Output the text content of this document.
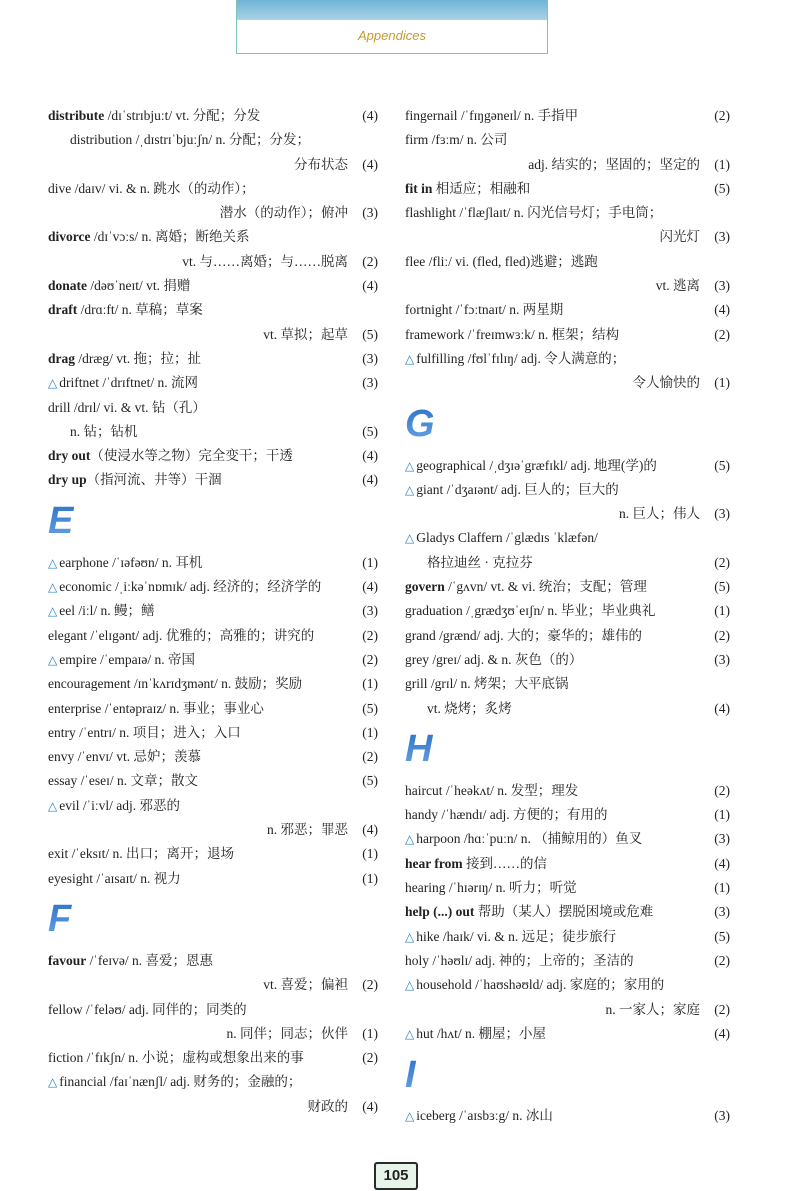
Appendices
distribute /dɪˈstrɪbjuːt/ vt. 分配；分发	(4)
distribution /ˌdɪstrɪˈbjuːʃn/ n. 分配；分发；
分布状态 (4)
dive /daɪv/ vi. & n. 跳水（的动作）；
潜水（的动作）；俯冲 (3)
divorce /dɪˈvɔːs/ n. 离婚；断绝关系
vt. 与……离婚；与……脱离 (2)
donate /dəʊˈneɪt/ vt. 捐赠	(4)
draft /drɑːft/ n. 草稿；草案
vt. 草拟；起草 (5)
drag /dræg/ vt. 拖；拉；扯	(3)
△ driftnet /ˈdrɪftnet/ n. 流网	(3)
drill /drɪl/ vi. & vt. 钻（孔）
n. 钻；钻机	(5)
dry out（使浸水等之物）完全变干；干透	(4)
dry up（指河流、井等）干涸	(4)
E
△ earphone /ˈɪəfəʊn/ n. 耳机	(1)
△ economic /ˌiːkəˈnɒmɪk/ adj. 经济的；经济学的	(4)
△ eel /iːl/ n. 鳗；鳝	(3)
elegant /ˈelɪgənt/ adj. 优雅的；高雅的；讲究的	(2)
△ empire /ˈempaɪə/ n. 帝国	(2)
encouragement /ɪnˈkʌrɪdʒmənt/ n. 鼓励；奖励	(1)
enterprise /ˈentəpraɪz/ n. 事业；事业心	(5)
entry /ˈentrɪ/ n. 项目；进入；入口	(1)
envy /ˈenvɪ/ vt. 忌妒；羡慕	(2)
essay /ˈeseɪ/ n. 文章；散文	(5)
△ evil /ˈiːvl/ adj. 邪恶的
n. 邪恶；罪恶 (4)
exit /ˈeksɪt/ n. 出口；离开；退场	(1)
eyesight /ˈaɪsaɪt/ n. 视力	(1)
F
favour /ˈfeɪvə/ n. 喜爱；恩惠
vt. 喜爱；偏袒 (2)
fellow /ˈfeləʊ/ adj. 同伴的；同类的
n. 同伴；同志；伙伴 (1)
fiction /ˈfɪkʃn/ n. 小说；虚构或想象出来的事	(2)
△ financial /faɪˈnænʃl/ adj. 财务的；金融的；
财政的 (4)
fingernail /ˈfɪŋgəneɪl/ n. 手指甲	(2)
firm /fɜːm/ n. 公司
adj. 结实的；坚固的；坚定的 (1)
fit in 相适应；相融和	(5)
flashlight /ˈflæʃlaɪt/ n. 闪光信号灯；手电筒；
闪光灯 (3)
flee /fliː/ vi. (fled, fled)逃避；逃跑
vt. 逃离 (3)
fortnight /ˈfɔːtnaɪt/ n. 两星期	(4)
framework /ˈfreɪmwɜːk/ n. 框架；结构	(2)
△ fulfilling /fʊlˈfɪlɪŋ/ adj. 令人满意的；
令人愉快的 (1)
G
△ geographical /ˌdʒɪəˈgræfɪkl/ adj. 地理(学)的	(5)
△ giant /ˈdʒaɪənt/ adj. 巨人的；巨大的
n. 巨人；伟人 (3)
△ Gladys Claffern /ˈglædɪs ˈklæfən/
格拉迪丝 · 克拉芬	(2)
govern /ˈgʌvn/ vt. & vi. 统治；支配；管理	(5)
graduation /ˌgrædʒʊˈeɪʃn/ n. 毕业；毕业典礼	(1)
grand /grænd/ adj. 大的；豪华的；雄伟的	(2)
grey /greɪ/ adj. & n. 灰色（的）	(3)
grill /grɪl/ n. 烤架；大平底锅
vt. 烧烤；炙烤	(4)
H
haircut /ˈheəkʌt/ n. 发型；理发	(2)
handy /ˈhændɪ/ adj. 方便的；有用的	(1)
△ harpoon /hɑːˈpuːn/ n. （捕鲸用的）鱼叉	(3)
hear from 接到……的信	(4)
hearing /ˈhɪərɪŋ/ n. 听力；听觉	(1)
help (...) out 帮助（某人）摆脱困境或危难	(3)
△ hike /haɪk/ vi. & n. 远足；徒步旅行	(5)
holy /ˈhəʊlɪ/ adj. 神的；上帝的；圣洁的	(2)
△ household /ˈhaʊshəʊld/ adj. 家庭的；家用的
n. 一家人；家庭 (2)
△ hut /hʌt/ n. 棚屋；小屋	(4)
I
△ iceberg /ˈaɪsbɜːg/ n. 冰山	(3)
105
